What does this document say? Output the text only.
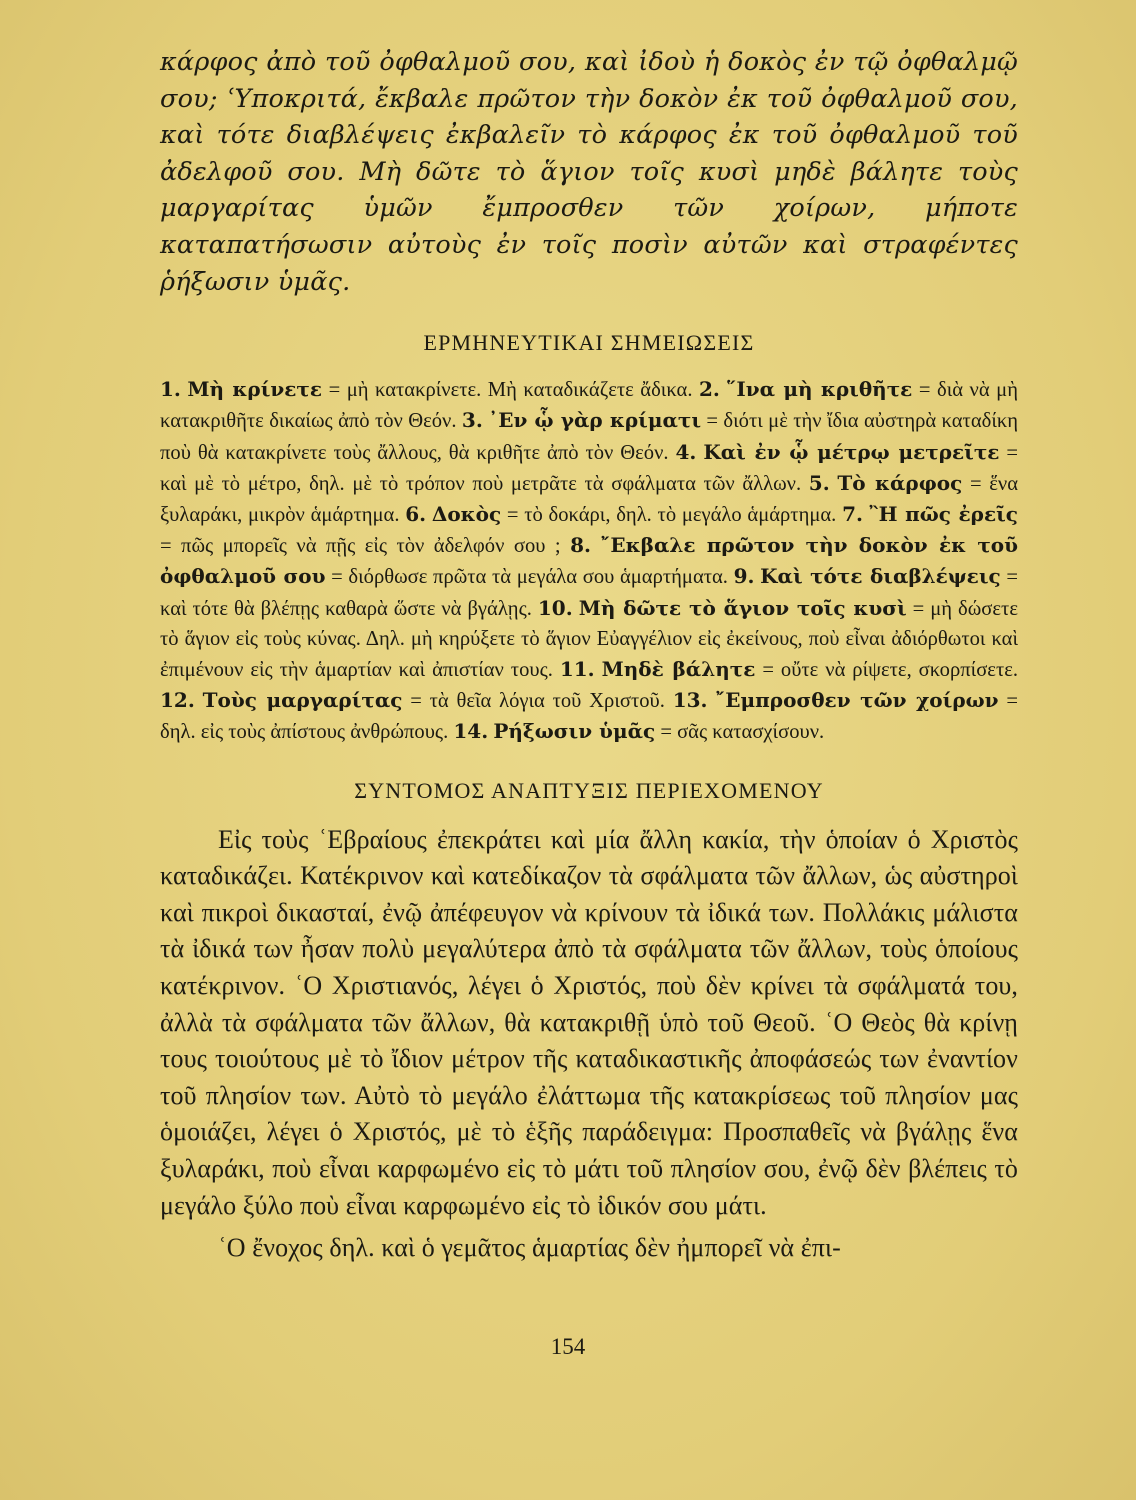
κάρφος ἀπὸ τοῦ ὀφθαλμοῦ σου, καὶ ἰδοὺ ἡ δοκὸς ἐν τῷ ὀφθαλμῷ σου; ʿΥποκριτά, ἔκβαλε πρῶτον τὴν δοκὸν ἐκ τοῦ ὀφθαλμοῦ σου, καὶ τότε διαβλέψεις ἐκβαλεῖν τὸ κάρφος ἐκ τοῦ ὀφθαλμοῦ τοῦ ἀδελφοῦ σου. Μὴ δῶτε τὸ ἅγιον τοῖς κυσὶ μηδὲ βάλητε τοὺς μαργαρίτας ὑμῶν ἔμπροσθεν τῶν χοίρων, μήποτε καταπατήσωσιν αὐτοὺς ἐν τοῖς ποσὶν αὐτῶν καὶ στραφέντες ῥήξωσιν ὑμᾶς.

ΕΡΜΗΝΕΥΤΙΚΑΙ ΣΗΜΕΙΩΣΕΙΣ

1. Μὴ κρίνετε = μὴ κατακρίνετε. Μὴ καταδικάζετε ἄδικα. 2. ῞Ινα μὴ κριθῆτε = διὰ νὰ μὴ κατακριθῆτε δικαίως ἀπὸ τὸν Θεόν. 3. ᾿Εν ᾧ γὰρ κρίματι = διότι μὲ τὴν ἴδια αὐστηρὰ καταδίκη ποὺ θὰ κατακρίνετε τοὺς ἄλλους, θὰ κριθῆτε ἀπὸ τὸν Θεόν. 4. Καὶ ἐν ᾧ μέτρῳ μετρεῖτε = καὶ μὲ τὸ μέτρο, δηλ. μὲ τὸ τρόπον ποὺ μετρᾶτε τὰ σφάλματα τῶν ἄλλων. 5. Τὸ κάρφος = ἕνα ξυλαράκι, μικρὸν ἁμάρτημα. 6. Δοκὸς = τὸ δοκάρι, δηλ. τὸ μεγάλο ἁμάρτημα. 7. ῍Η πῶς ἐρεῖς = πῶς μπορεῖς νὰ πῇς εἰς τὸν ἀδελφόν σου ; 8. ῎Εκβαλε πρῶτον τὴν δοκὸν ἐκ τοῦ ὀφθαλμοῦ σου = διόρθωσε πρῶτα τὰ μεγάλα σου ἁμαρτήματα. 9. Καὶ τότε διαβλέψεις = καὶ τότε θὰ βλέπῃς καθαρὰ ὥστε νὰ βγάλῃς. 10. Μὴ δῶτε τὸ ἅγιον τοῖς κυσὶ = μὴ δώσετε τὸ ἅγιον εἰς τοὺς κύνας. Δηλ. μὴ κηρύξετε τὸ ἅγιον Εὐαγγέλιον εἰς ἐκείνους, ποὺ εἶναι ἀδιόρθωτοι καὶ ἐπιμένουν εἰς τὴν ἁμαρτίαν καὶ ἀπιστίαν τους. 11. Μηδὲ βάλητε = οὔτε νὰ ρίψετε, σκορπίσετε. 12. Τοὺς μαργαρίτας = τὰ θεῖα λόγια τοῦ Χριστοῦ. 13. ῎Εμπροσθεν τῶν χοίρων = δηλ. εἰς τοὺς ἀπίστους ἀνθρώπους. 14. Ρήξωσιν ὑμᾶς = σᾶς κατασχίσουν.

ΣΥΝΤΟΜΟΣ ΑΝΑΠΤΥΞΙΣ ΠΕΡΙΕΧΟΜΕΝΟΥ

Εἰς τοὺς ʿΕβραίους ἐπεκράτει καὶ μία ἄλλη κακία, τὴν ὁποίαν ὁ Χριστὸς καταδικάζει. Κατέκρινον καὶ κατεδίκαζον τὰ σφάλματα τῶν ἄλλων, ὡς αὐστηροὶ καὶ πικροὶ δικασταί, ἐνῷ ἀπέφευγον νὰ κρίνουν τὰ ἰδικά των. Πολλάκις μάλιστα τὰ ἰδικά των ἦσαν πολὺ μεγαλύτερα ἀπὸ τὰ σφάλματα τῶν ἄλλων, τοὺς ὁποίους κατέκρινον. ʿΟ Χριστιανός, λέγει ὁ Χριστός, ποὺ δὲν κρίνει τὰ σφάλματά του, ἀλλὰ τὰ σφάλματα τῶν ἄλλων, θὰ κατακριθῇ ὑπὸ τοῦ Θεοῦ. ʿΟ Θεὸς θὰ κρίνῃ τους τοιούτους μὲ τὸ ἴδιον μέτρον τῆς καταδικαστικῆς ἀποφάσεώς των ἐναντίον τοῦ πλησίον των. Αὐτὸ τὸ μεγάλο ἐλάττωμα τῆς κατακρίσεως τοῦ πλησίον μας ὁμοιάζει, λέγει ὁ Χριστός, μὲ τὸ ἑξῆς παράδειγμα: Προσπαθεῖς νὰ βγάλῃς ἕνα ξυλαράκι, ποὺ εἶναι καρφωμένο εἰς τὸ μάτι τοῦ πλησίον σου, ἐνῷ δὲν βλέπεις τὸ μεγάλο ξύλο ποὺ εἶναι καρφωμένο εἰς τὸ ἰδικόν σου μάτι.

ʿΟ ἔνοχος δηλ. καὶ ὁ γεμᾶτος ἁμαρτίας δὲν ἠμπορεῖ νὰ ἐπι-

154
